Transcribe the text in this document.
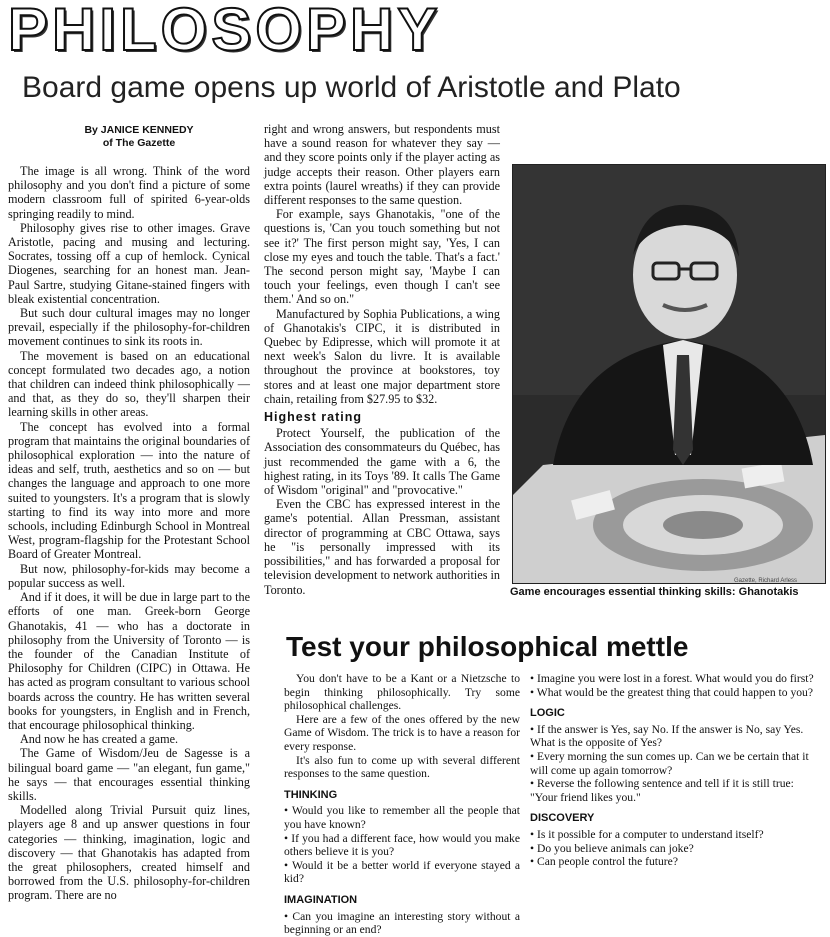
PHILOSOPHY
Board game opens up world of Aristotle and Plato
By JANICE KENNEDY
of The Gazette

The image is all wrong. Think of the word philosophy and you don't find a picture of some modern classroom full of spirited 6-year-olds springing readily to mind.

Philosophy gives rise to other images. Grave Aristotle, pacing and musing and lecturing. Socrates, tossing off a cup of hemlock. Cynical Diogenes, searching for an honest man. Jean-Paul Sartre, studying Gitane-stained fingers with bleak existential concentration.

But such dour cultural images may no longer prevail, especially if the philosophy-for-children movement continues to sink its roots in.

The movement is based on an educational concept formulated two decades ago, a notion that children can indeed think philosophically — and that, as they do so, they'll sharpen their learning skills in other areas.

The concept has evolved into a formal program that maintains the original boundaries of philosophical exploration — into the nature of ideas and self, truth, aesthetics and so on — but changes the language and approach to one more suited to youngsters. It's a program that is slowly starting to find its way into more and more schools, including Edinburgh School in Montreal West, program-flagship for the Protestant School Board of Greater Montreal.

But now, philosophy-for-kids may become a popular success as well.

And if it does, it will be due in large part to the efforts of one man. Greek-born George Ghanotakis, 41 — who has a doctorate in philosophy from the University of Toronto — is the founder of the Canadian Institute of Philosophy for Children (CIPC) in Ottawa. He has acted as program consultant to various school boards across the country. He has written several books for youngsters, in English and in French, that encourage philosophical thinking.

And now he has created a game.

The Game of Wisdom/Jeu de Sagesse is a bilingual board game — "an elegant, fun game," he says — that encourages essential thinking skills.

Modelled along Trivial Pursuit quiz lines, players age 8 and up answer questions in four categories — thinking, imagination, logic and discovery — that Ghanotakis has adapted from the great philosophers, created himself and borrowed from the U.S. philosophy-for-children program. There are no

right and wrong answers, but respondents must have a sound reason for whatever they say — and they score points only if the player acting as judge accepts their reason. Other players earn extra points (laurel wreaths) if they can provide different responses to the same question.

For example, says Ghanotakis, "one of the questions is, 'Can you touch something but not see it?' The first person might say, 'Yes, I can close my eyes and touch the table. That's a fact.' The second person might say, 'Maybe I can touch your feelings, even though I can't see them.' And so on."

Manufactured by Sophia Publications, a wing of Ghanotakis's CIPC, it is distributed in Quebec by Edipresse, which will promote it at next week's Salon du livre. It is available throughout the province at bookstores, toy stores and at least one major department store chain, retailing from $27.95 to $32.

Highest rating

Protect Yourself, the publication of the Association des consommateurs du Québec, has just recommended the game with a 6, the highest rating, in its Toys '89. It calls The Game of Wisdom "original" and "provocative."

Even the CBC has expressed interest in the game's potential. Allan Pressman, assistant director of programming at CBC Ottawa, says he "is personally impressed with its possibilities," and has forwarded a proposal for television development to network authorities in Toronto.

Gazette, Richard Arless
Game encourages essential thinking skills: Ghanotakis
Test your philosophical mettle

You don't have to be a Kant or a Nietzsche to begin thinking philosophically. Try some philosophical challenges.

Here are a few of the ones offered by the new Game of Wisdom. The trick is to have a reason for every response.

It's also fun to come up with several different responses to the same question.

THINKING

• Would you like to remember all the people that you have known?

• If you had a different face, how would you make others believe it is you?

• Would it be a better world if everyone stayed a kid?

IMAGINATION

• Can you imagine an interesting story without a beginning or an end?

• Imagine you were lost in a forest. What would you do first?

• What would be the greatest thing that could happen to you?

LOGIC

• If the answer is Yes, say No. If the answer is No, say Yes. What is the opposite of Yes?

• Every morning the sun comes up. Can we be certain that it will come up again tomorrow?

• Reverse the following sentence and tell if it is still true: "Your friend likes you."

DISCOVERY

• Is it possible for a computer to understand itself?

• Do you believe animals can joke?

• Can people control the future?
